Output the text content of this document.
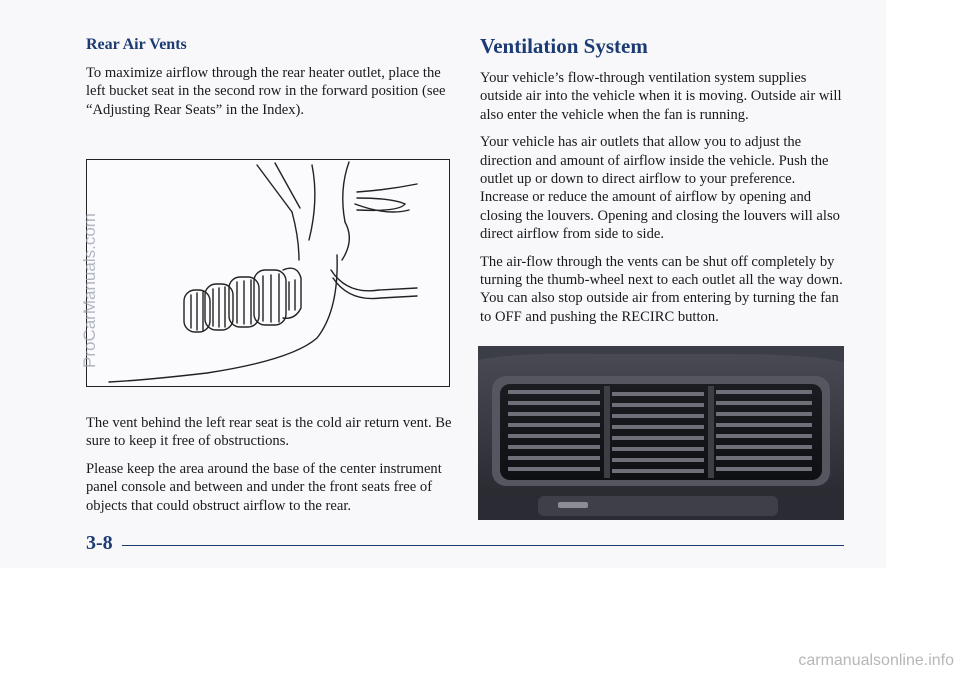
Rear Air Vents

To maximize airflow through the rear heater outlet, place the left bucket seat in the second row in the forward position (see “Adjusting Rear Seats” in the Index).

The vent behind the left rear seat is the cold air return vent. Be sure to keep it free of obstructions.

Please keep the area around the base of the center instrument panel console and between and under the front seats free of objects that could obstruct airflow to the rear.

Ventilation System

Your vehicle’s flow-through ventilation system supplies outside air into the vehicle when it is moving. Outside air will also enter the vehicle when the fan is running.

Your vehicle has air outlets that allow you to adjust the direction and amount of airflow inside the vehicle. Push the outlet up or down to direct airflow to your preference. Increase or reduce the amount of airflow by opening and closing the louvers. Opening and closing the louvers will also direct airflow from side to side.

The air-flow through the vents can be shut off completely by turning the thumb-wheel next to each outlet all the way down. You can also stop outside air from entering by turning the fan to OFF and pushing the RECIRC button.

3-8
ProCarManuals.com
carmanualsonline.info
